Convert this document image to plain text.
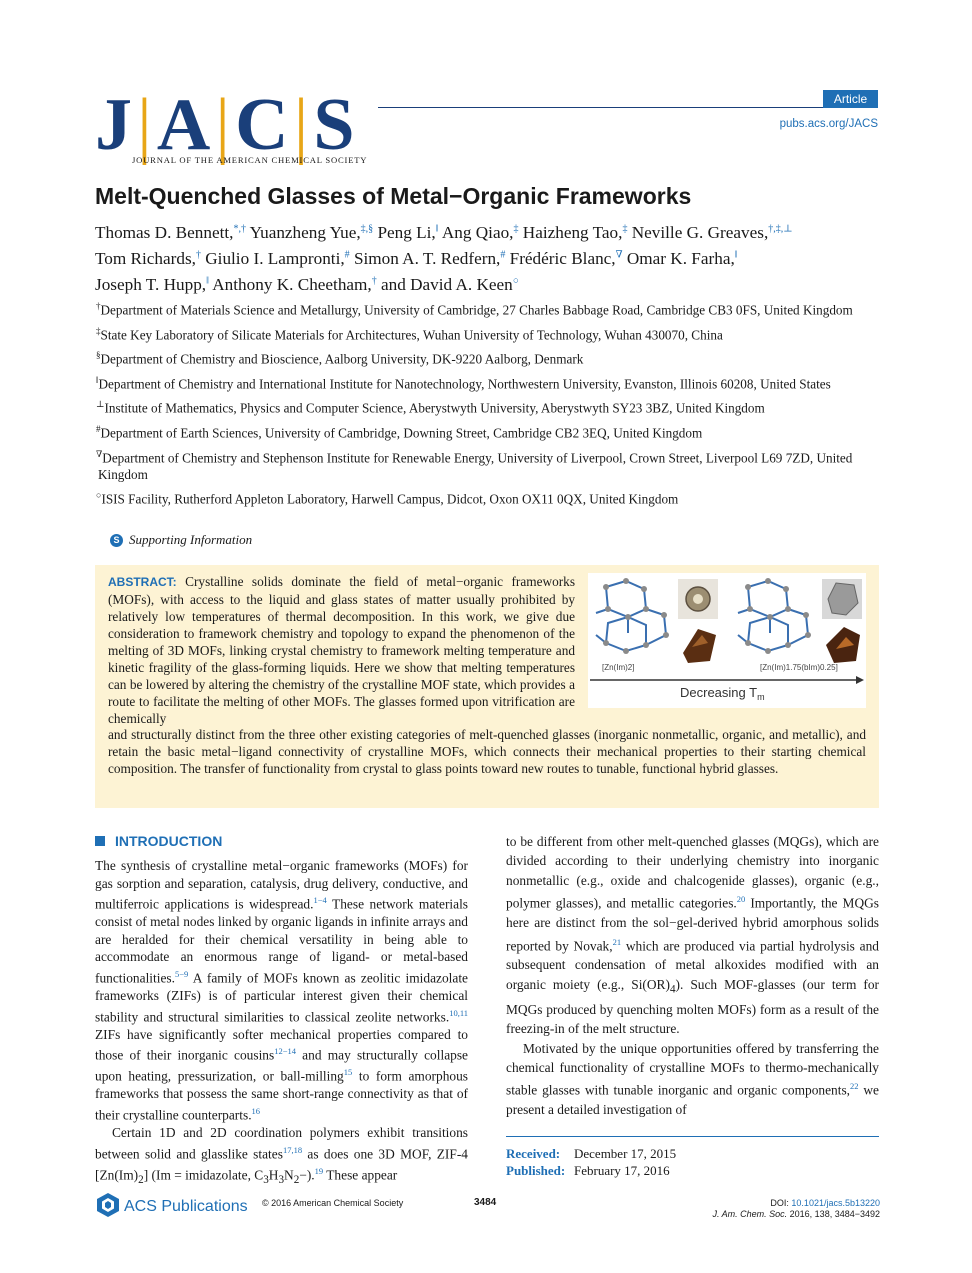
J|A|C|S
JOURNAL OF THE AMERICAN CHEMICAL SOCIETY
Article
pubs.acs.org/JACS
Melt-Quenched Glasses of Metal−Organic Frameworks
Thomas D. Bennett,*,† Yuanzheng Yue,‡,§ Peng Li,‖ Ang Qiao,‡ Haizheng Tao,‡ Neville G. Greaves,†,‡,⊥
Tom Richards,† Giulio I. Lampronti,# Simon A. T. Redfern,# Frédéric Blanc,∇ Omar K. Farha,‖
Joseph T. Hupp,‖ Anthony K. Cheetham,† and David A. Keen○
†Department of Materials Science and Metallurgy, University of Cambridge, 27 Charles Babbage Road, Cambridge CB3 0FS, United Kingdom
‡State Key Laboratory of Silicate Materials for Architectures, Wuhan University of Technology, Wuhan 430070, China
§Department of Chemistry and Bioscience, Aalborg University, DK-9220 Aalborg, Denmark
‖Department of Chemistry and International Institute for Nanotechnology, Northwestern University, Evanston, Illinois 60208, United States
⊥Institute of Mathematics, Physics and Computer Science, Aberystwyth University, Aberystwyth SY23 3BZ, United Kingdom
#Department of Earth Sciences, University of Cambridge, Downing Street, Cambridge CB2 3EQ, United Kingdom
∇Department of Chemistry and Stephenson Institute for Renewable Energy, University of Liverpool, Crown Street, Liverpool L69 7ZD, United Kingdom
○ISIS Facility, Rutherford Appleton Laboratory, Harwell Campus, Didcot, Oxon OX11 0QX, United Kingdom
S Supporting Information
ABSTRACT: Crystalline solids dominate the field of metal−organic frameworks (MOFs), with access to the liquid and glass states of matter usually prohibited by relatively low temperatures of thermal decomposition. In this work, we give due consideration to framework chemistry and topology to expand the phenomenon of the melting of 3D MOFs, linking crystal chemistry to framework melting temperature and kinetic fragility of the glass-forming liquids. Here we show that melting temperatures can be lowered by altering the chemistry of the crystalline MOF state, which provides a route to facilitate the melting of other MOFs. The glasses formed upon vitrification are chemically
and structurally distinct from the three other existing categories of melt-quenched glasses (inorganic nonmetallic, organic, and metallic), and retain the basic metal−ligand connectivity of crystalline MOFs, which connects their mechanical properties to their starting chemical composition. The transfer of functionality from crystal to glass points toward new routes to tunable, functional hybrid glasses.
[Zn(Im)2]	[Zn(Im)1.75(bIm)0.25]
Decreasing $T_m$
INTRODUCTION
The synthesis of crystalline metal−organic frameworks (MOFs) for gas sorption and separation, catalysis, drug delivery, conductive, and multiferroic applications is widespread.$^{1-4}$ These network materials consist of metal nodes linked by organic ligands in infinite arrays and are heralded for their chemical versatility in being able to accommodate an enormous range of ligand- or metal-based functionalities.$^{5-9}$ A family of MOFs known as zeolitic imidazolate frameworks (ZIFs) is of particular interest given their chemical stability and structural similarities to classical zeolite networks.$^{10,11}$ ZIFs have significantly softer mechanical properties compared to those of their inorganic cousins$^{12-14}$ and may structurally collapse upon heating, pressurization, or ball-milling$^{15}$ to form amorphous frameworks that possess the same short-range connectivity as that of their crystalline counterparts.$^{16}$
Certain 1D and 2D coordination polymers exhibit transitions between solid and glasslike states$^{17,18}$ as does one 3D MOF, ZIF-4 $[Zn(Im)_2] (Im$ = imidazolate, $C_3H_3N_2-).^{19}$ These appear
to be different from other melt-quenched glasses (MQGs), which are divided according to their underlying chemistry into inorganic nonmetallic (e.g., oxide and chalcogenide glasses), organic (e.g., polymer glasses), and metallic categories.$^{20}$ Importantly, the MQGs here are distinct from the sol−gel-derived hybrid amorphous solids reported by Novak,$^{21}$ which are produced via partial hydrolysis and subsequent condensation of metal alkoxides modified with an organic moiety (e.g., $Si(OR)_4$). Such MOF-glasses (our term for MQGs produced by quenching molten MOFs) form as a result of the freezing-in of the melt structure.
Motivated by the unique opportunities offered by transferring the chemical functionality of crystalline MOFs to thermo-mechanically stable glasses with tunable inorganic and organic components,$^{22}$ we present a detailed investigation of
Received: December 17, 2015
Published: February 17, 2016
ACS Publications © 2016 American Chemical Society	3484	DOI: 10.1021/jacs.5b13220
J. Am. Chem. Soc. 2016, 138, 3484−3492
